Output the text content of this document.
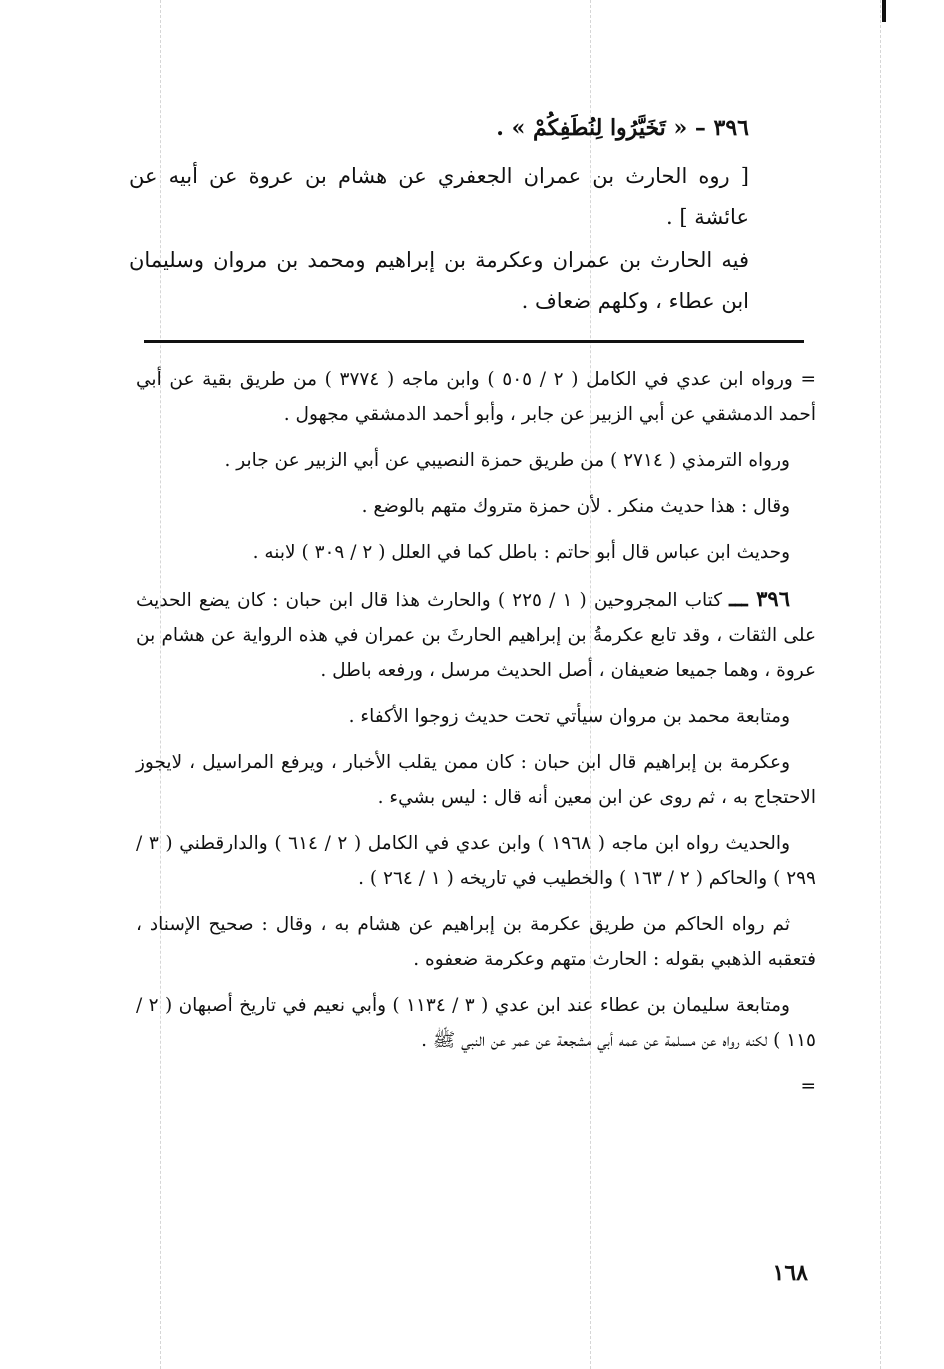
٣٩٦ – « تَخَيَّرُوا لِنُطَفِكُمْ » .
[ روه الحارث بن عمران الجعفري عن هشام بن عروة عن أبيه عن عائشة ] .
فيه الحارث بن عمران وعكرمة بن إبراهيم ومحمد بن مروان وسليمان ابن عطاء ، وكلهم ضعاف .

= ورواه ابن عدي في الكامل ( ٢ / ٥٠٥ ) وابن ماجه ( ٣٧٧٤ ) من طريق بقية عن أبي أحمد الدمشقي عن أبي الزبير عن جابر ، وأبو أحمد الدمشقي مجهول .

ورواه الترمذي ( ٢٧١٤ ) من طريق حمزة النصيبي عن أبي الزبير عن جابر .

وقال : هذا حديث منكر . لأن حمزة متروك متهم بالوضع .

وحديث ابن عباس قال أبو حاتم : باطل كما في العلل ( ٢ / ٣٠٩ ) لابنه .

٣٩٦ ـــ كتاب المجروحين ( ١ / ٢٢٥ ) والحارث هذا قال ابن حبان : كان يضع الحديث على الثقات ، وقد تابع عكرمةُ بن إبراهيم الحارثَ بن عمران في هذه الرواية عن هشام بن عروة ، وهما جميعا ضعيفان ، أصل الحديث مرسل ، ورفعه باطل .

ومتابعة محمد بن مروان سيأتي تحت حديث زوجوا الأكفاء .

وعكرمة بن إبراهيم قال ابن حبان : كان ممن يقلب الأخبار ، ويرفع المراسيل ، لايجوز الاحتجاج به ، ثم روى عن ابن معين أنه قال : ليس بشيء .

والحديث رواه ابن ماجه ( ١٩٦٨ ) وابن عدي في الكامل ( ٢ / ٦١٤ ) والدارقطني ( ٣ / ٢٩٩ ) والحاكم ( ٢ / ١٦٣ ) والخطيب في تاريخه ( ١ / ٢٦٤ ) .

ثم رواه الحاكم من طريق عكرمة بن إبراهيم عن هشام به ، وقال : صحيح الإسناد ، فتعقبه الذهبي بقوله : الحارث متهم وعكرمة ضعفوه .

ومتابعة سليمان بن عطاء عند ابن عدي ( ٣ / ١١٣٤ ) وأبي نعيم في تاريخ أصبهان ( ٢ / ١١٥ ) لكنه رواه عن مسلمة عن عمه أبي مشجعة عن عمر عن النبي ﷺ .

=

١٦٨
